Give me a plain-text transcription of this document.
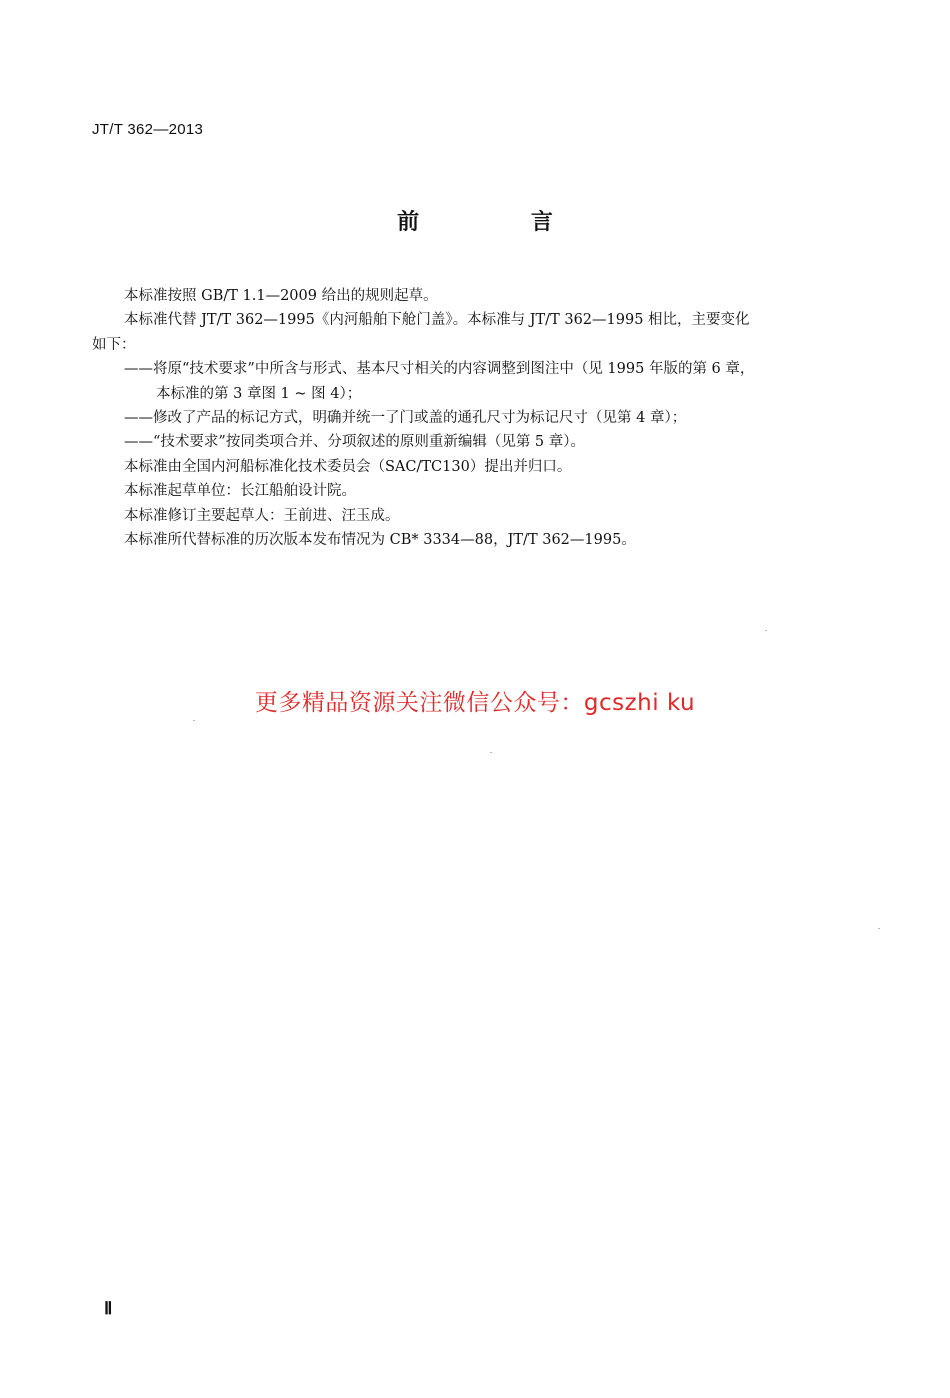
JT/T 362—2013
前 言

本标准按照 GB/T 1.1—2009 给出的规则起草。

本标准代替 JT/T 362—1995《内河船舶下舱门盖》。本标准与 JT/T 362—1995 相比，主要变化

如下：

——将原“技术要求”中所含与形式、基本尺寸相关的内容调整到图注中（见 1995 年版的第 6 章，

本标准的第 3 章图 1 ~ 图 4）；

——修改了产品的标记方式，明确并统一了门或盖的通孔尺寸为标记尺寸（见第 4 章）；

——“技术要求”按同类项合并、分项叙述的原则重新编辑（见第 5 章）。

本标准由全国内河船标准化技术委员会（SAC/TC130）提出并归口。

本标准起草单位：长江船舶设计院。

本标准修订主要起草人：王前进、汪玉成。

本标准所代替标准的历次版本发布情况为 CB* 3334—88，JT/T 362—1995。

更多精品资源关注微信公众号：gcszhi ku
Ⅱ
